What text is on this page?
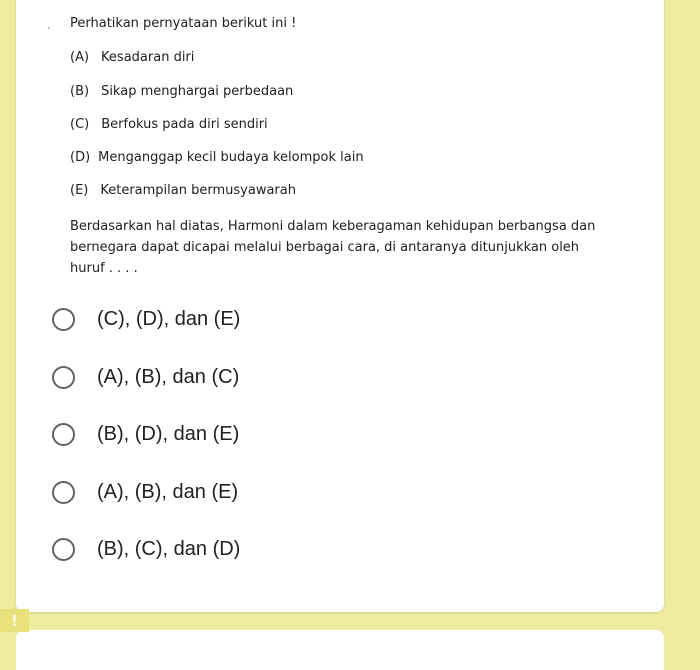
Perhatikan pernyataan berikut ini !
(A) Kesadaran diri
(B) Sikap menghargai perbedaan
(C) Berfokus pada diri sendiri
(D) Menganggap kecil budaya kelompok lain
(E) Keterampilan bermusyawarah
Berdasarkan hal diatas, Harmoni dalam keberagaman kehidupan berbangsa dan
bernegara dapat dicapai melalui berbagai cara, di antaranya ditunjukkan oleh
huruf . . . .
(C), (D), dan (E)
(A), (B), dan (C)
(B), (D), dan (E)
(A), (B), dan (E)
(B), (C), dan (D)
!
